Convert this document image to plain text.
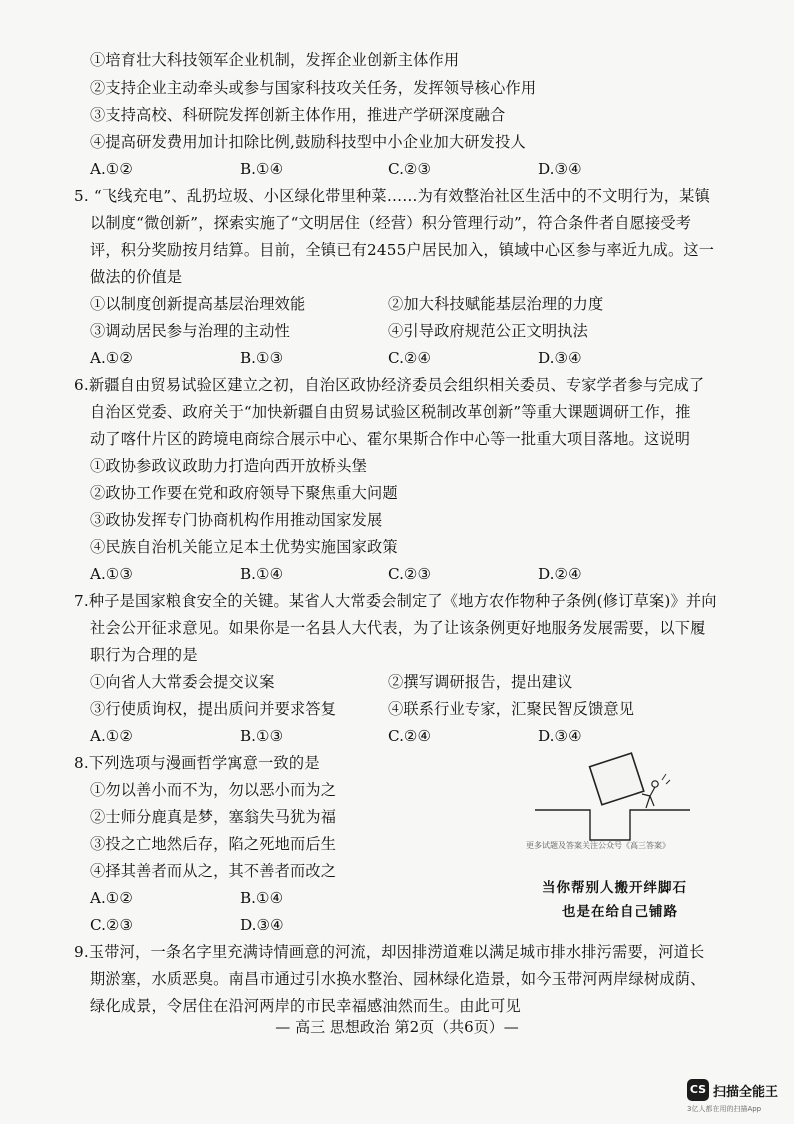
①培育壮大科技领军企业机制，发挥企业创新主体作用
②支持企业主动牵头或参与国家科技攻关任务，发挥领导核心作用
③支持高校、科研院发挥创新主体作用，推进产学研深度融合
④提高研发费用加计扣除比例,鼓励科技型中小企业加大研发投人
A.①②	B.①④	C.②③	D.③④
5. “飞线充电”、乱扔垃圾、小区绿化带里种菜……为有效整治社区生活中的不文明行为，某镇
以制度“微创新”，探索实施了“文明居住（经营）积分管理行动”，符合条件者自愿接受考
评，积分奖励按月结算。目前，全镇已有2455户居民加入，镇域中心区参与率近九成。这一
做法的价值是
①以制度创新提高基层治理效能	②加大科技赋能基层治理的力度
③调动居民参与治理的主动性	④引导政府规范公正文明执法
A.①②	B.①③	C.②④	D.③④
6.新疆自由贸易试验区建立之初，自治区政协经济委员会组织相关委员、专家学者参与完成了
自治区党委、政府关于“加快新疆自由贸易试验区税制改革创新”等重大课题调研工作，推
动了喀什片区的跨境电商综合展示中心、霍尔果斯合作中心等一批重大项目落地。这说明
①政协参政议政助力打造向西开放桥头堡
②政协工作要在党和政府领导下聚焦重大问题
③政协发挥专门协商机构作用推动国家发展
④民族自治机关能立足本土优势实施国家政策
A.①③	B.①④	C.②③	D.②④
7.种子是国家粮食安全的关键。某省人大常委会制定了《地方农作物种子条例(修订草案)》并向
社会公开征求意见。如果你是一名县人大代表，为了让该条例更好地服务发展需要，以下履
职行为合理的是
①向省人大常委会提交议案	②撰写调研报告，提出建议
③行使质询权，提出质问并要求答复	④联系行业专家，汇聚民智反馈意见
A.①②	B.①③	C.②④	D.③④
8.下列选项与漫画哲学寓意一致的是
①勿以善小而不为，勿以恶小而为之
②士师分鹿真是梦，塞翁失马犹为福
③投之亡地然后存，陷之死地而后生
④择其善者而从之，其不善者而改之
A.①②	B.①④
C.②③	D.③④
更多试题及答案关注公众号《高三答案》
当你帮别人搬开绊脚石
也是在给自己铺路
9.玉带河，一条名字里充满诗情画意的河流，却因排涝道难以满足城市排水排污需要，河道长
期淤塞，水质恶臭。南昌市通过引水换水整治、园林绿化造景，如今玉带河两岸绿树成荫、
绿化成景，令居住在沿河两岸的市民幸福感油然而生。由此可见
— 高三 思想政治 第2页（共6页）—
CS 扫描全能王
3亿人都在用的扫描App
